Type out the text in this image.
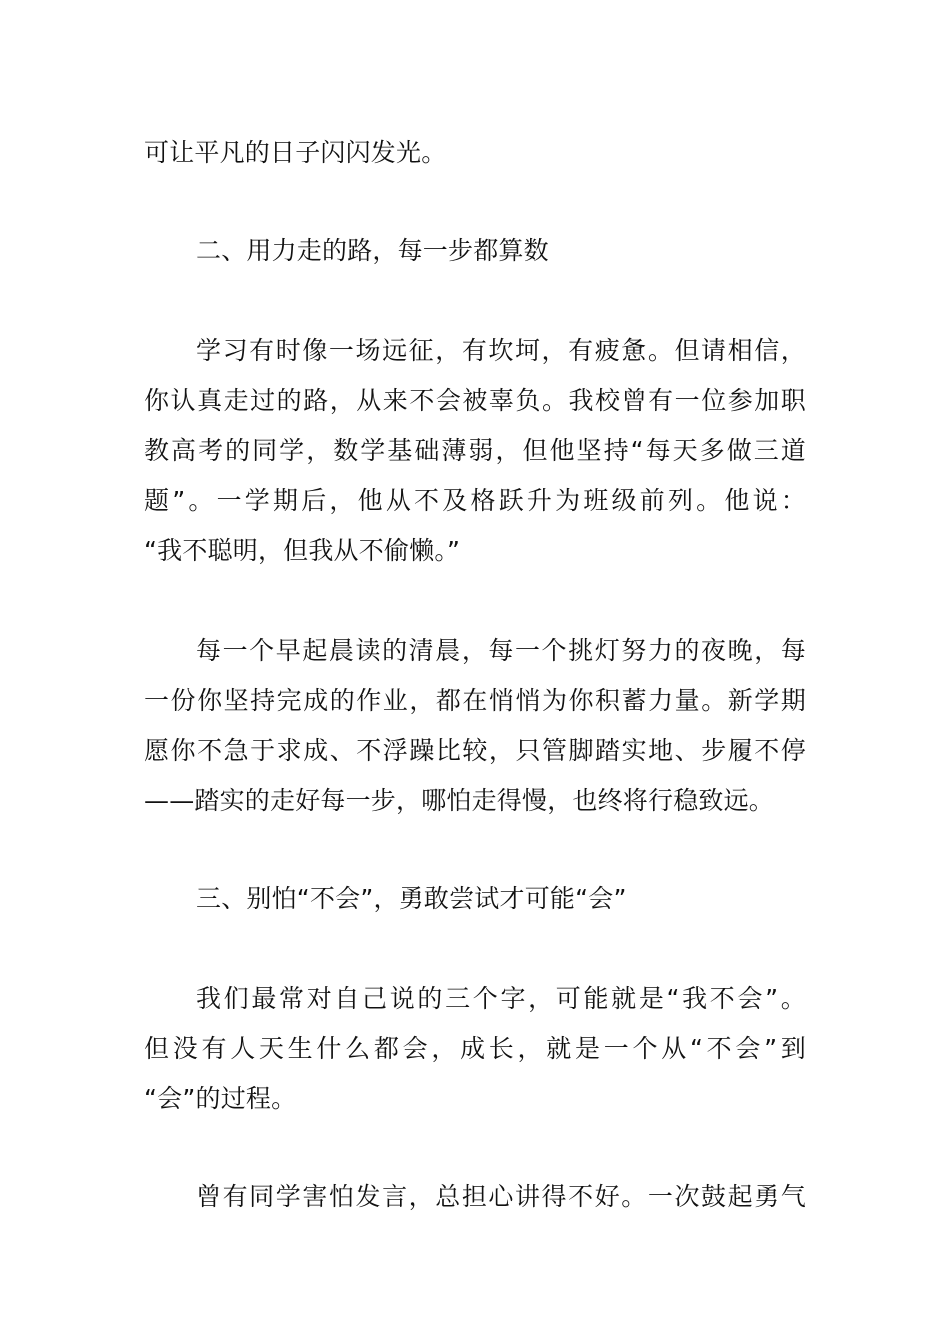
可让平凡的日子闪闪发光。
二、用力走的路，每一步都算数
学习有时像一场远征，有坎坷，有疲惫。但请相信，
你认真走过的路，从来不会被辜负。我校曾有一位参加职
教高考的同学，数学基础薄弱，但他坚持“每天多做三道
题”。一学期后，他从不及格跃升为班级前列。他说：
“我不聪明，但我从不偷懒。”
每一个早起晨读的清晨，每一个挑灯努力的夜晚，每
一份你坚持完成的作业，都在悄悄为你积蓄力量。新学期
愿你不急于求成、不浮躁比较，只管脚踏实地、步履不停
——踏实的走好每一步，哪怕走得慢，也终将行稳致远。
三、别怕“不会”，勇敢尝试才可能“会”
我们最常对自己说的三个字，可能就是“我不会”。
但没有人天生什么都会，成长，就是一个从“不会”到
“会”的过程。
曾有同学害怕发言，总担心讲得不好。一次鼓起勇气
